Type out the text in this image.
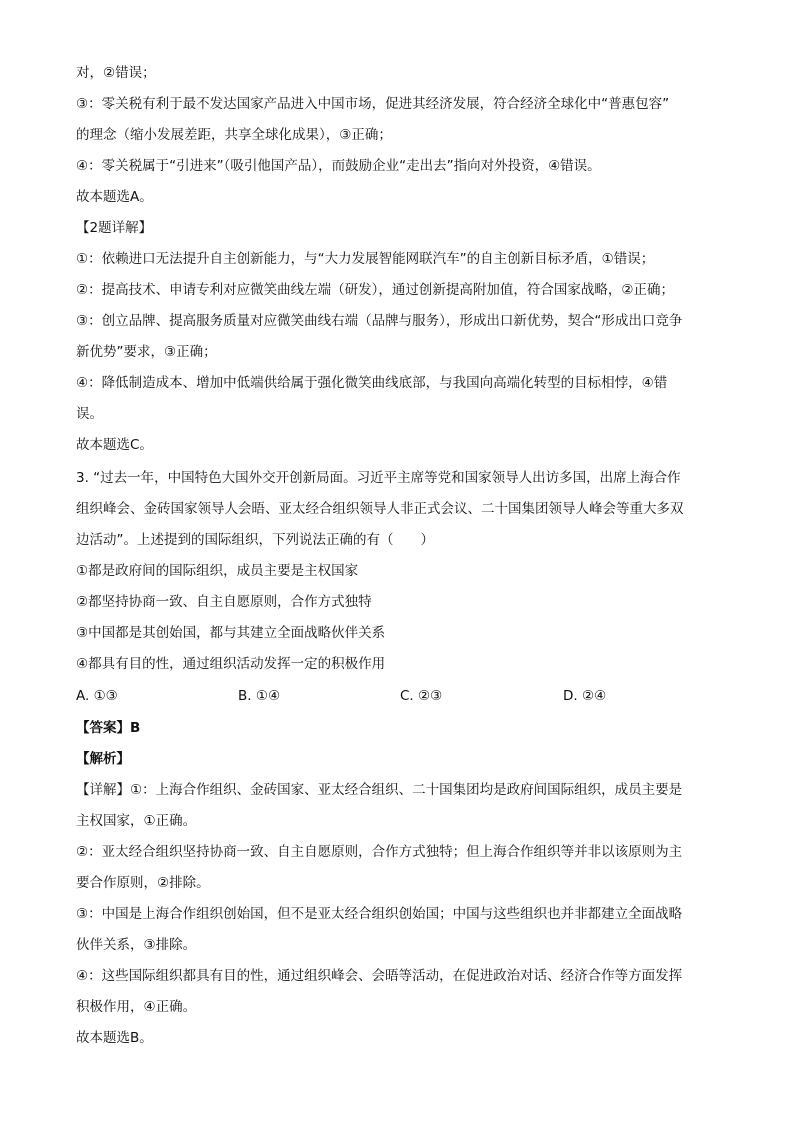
对，②错误；
③：零关税有利于最不发达国家产品进入中国市场，促进其经济发展，符合经济全球化中“普惠包容”
的理念（缩小发展差距，共享全球化成果），③正确；
④：零关税属于“引进来”（吸引他国产品），而鼓励企业“走出去”指向对外投资，④错误。
故本题选A。
【2题详解】
①：依赖进口无法提升自主创新能力，与“大力发展智能网联汽车”的自主创新目标矛盾，①错误；
②：提高技术、申请专利对应微笑曲线左端（研发），通过创新提高附加值，符合国家战略，②正确；
③：创立品牌、提高服务质量对应微笑曲线右端（品牌与服务），形成出口新优势，契合“形成出口竞争
新优势”要求，③正确；
④：降低制造成本、增加中低端供给属于强化微笑曲线底部，与我国向高端化转型的目标相悖，④错
误。
故本题选C。
3. “过去一年，中国特色大国外交开创新局面。习近平主席等党和国家领导人出访多国，出席上海合作
组织峰会、金砖国家领导人会晤、亚太经合组织领导人非正式会议、二十国集团领导人峰会等重大多双
边活动”。上述提到的国际组织，下列说法正确的有（　　）
①都是政府间的国际组织，成员主要是主权国家
②都坚持协商一致、自主自愿原则，合作方式独特
③中国都是其创始国，都与其建立全面战略伙伴关系
④都具有目的性，通过组织活动发挥一定的积极作用
A. ①③	B. ①④	C. ②③	D. ②④
【答案】B
【解析】
【详解】①：上海合作组织、金砖国家、亚太经合组织、二十国集团均是政府间国际组织，成员主要是
主权国家，①正确。
②：亚太经合组织坚持协商一致、自主自愿原则，合作方式独特；但上海合作组织等并非以该原则为主
要合作原则，②排除。
③：中国是上海合作组织创始国，但不是亚太经合组织创始国；中国与这些组织也并非都建立全面战略
伙伴关系，③排除。
④：这些国际组织都具有目的性，通过组织峰会、会晤等活动，在促进政治对话、经济合作等方面发挥
积极作用，④正确。
故本题选B。
